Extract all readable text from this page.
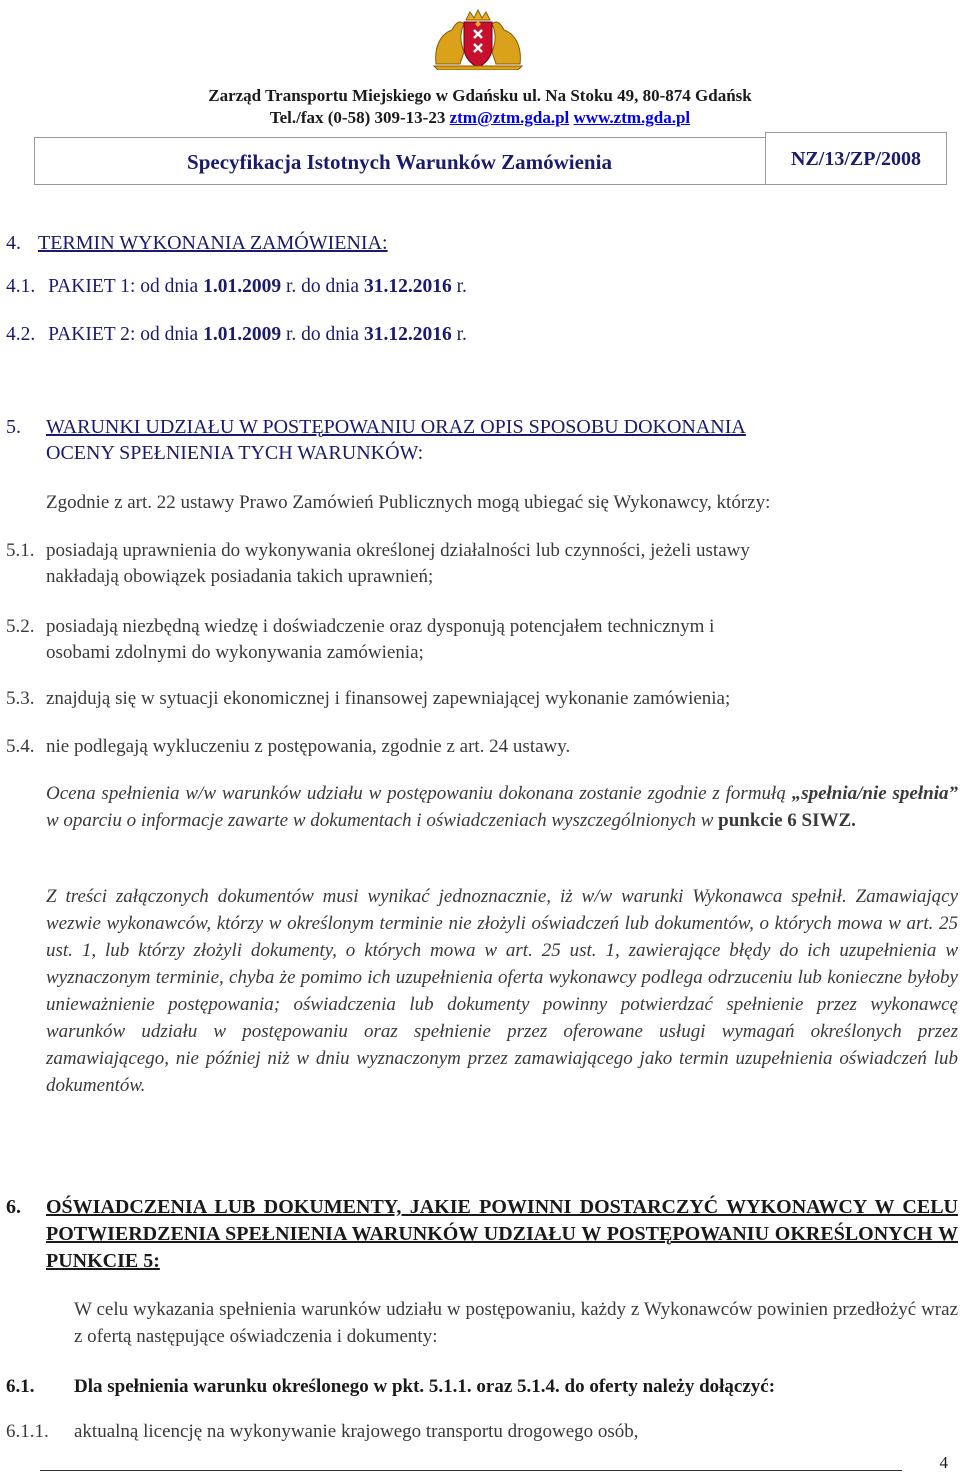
Zarząd Transportu Miejskiego w Gdańsku ul. Na Stoku 49, 80-874 Gdańsk
Tel./fax (0-58) 309-13-23 ztm@ztm.gda.pl www.ztm.gda.pl
Specyfikacja Istotnych Warunków Zamówienia	NZ/13/ZP/2008
4. TERMIN WYKONANIA ZAMÓWIENIA:
4.1. PAKIET 1: od dnia 1.01.2009 r. do dnia 31.12.2016 r.
4.2. PAKIET 2: od dnia 1.01.2009 r. do dnia 31.12.2016 r.
5. WARUNKI UDZIAŁU W POSTĘPOWANIU ORAZ OPIS SPOSOBU DOKONANIA
OCENY SPEŁNIENIA TYCH WARUNKÓW:
Zgodnie z art. 22 ustawy Prawo Zamówień Publicznych mogą ubiegać się Wykonawcy, którzy:
5.1. posiadają uprawnienia do wykonywania określonej działalności lub czynności, jeżeli ustawy
nakładają obowiązek posiadania takich uprawnień;
5.2. posiadają niezbędną wiedzę i doświadczenie oraz dysponują potencjałem technicznym i
osobami zdolnymi do wykonywania zamówienia;
5.3. znajdują się w sytuacji ekonomicznej i finansowej zapewniającej wykonanie zamówienia;
5.4. nie podlegają wykluczeniu z postępowania, zgodnie z art. 24 ustawy.
Ocena spełnienia w/w warunków udziału w postępowaniu dokonana zostanie zgodnie z formułą „spełnia/nie spełnia” w oparciu o informacje zawarte w dokumentach i oświadczeniach wyszczególnionych w punkcie 6 SIWZ.
Z treści załączonych dokumentów musi wynikać jednoznacznie, iż w/w warunki Wykonawca spełnił. Zamawiający wezwie wykonawców, którzy w określonym terminie nie złożyli oświadczeń lub dokumentów, o których mowa w art. 25 ust. 1, lub którzy złożyli dokumenty, o których mowa w art. 25 ust. 1, zawierające błędy do ich uzupełnienia w wyznaczonym terminie, chyba że pomimo ich uzupełnienia oferta wykonawcy podlega odrzuceniu lub konieczne byłoby unieważnienie postępowania; oświadczenia lub dokumenty powinny potwierdzać spełnienie przez wykonawcę warunków udziału w postępowaniu oraz spełnienie przez oferowane usługi wymagań określonych przez zamawiającego, nie później niż w dniu wyznaczonym przez zamawiającego jako termin uzupełnienia oświadczeń lub dokumentów.
6. OŚWIADCZENIA LUB DOKUMENTY, JAKIE POWINNI DOSTARCZYĆ WYKONAWCY W CELU POTWIERDZENIA SPEŁNIENIA WARUNKÓW UDZIAŁU W POSTĘPOWANIU OKREŚLONYCH W PUNKCIE 5:
W celu wykazania spełnienia warunków udziału w postępowaniu, każdy z Wykonawców powinien przedłożyć wraz z ofertą następujące oświadczenia i dokumenty:
6.1. Dla spełnienia warunku określonego w pkt. 5.1.1. oraz 5.1.4. do oferty należy dołączyć:
6.1.1. aktualną licencję na wykonywanie krajowego transportu drogowego osób,
4
